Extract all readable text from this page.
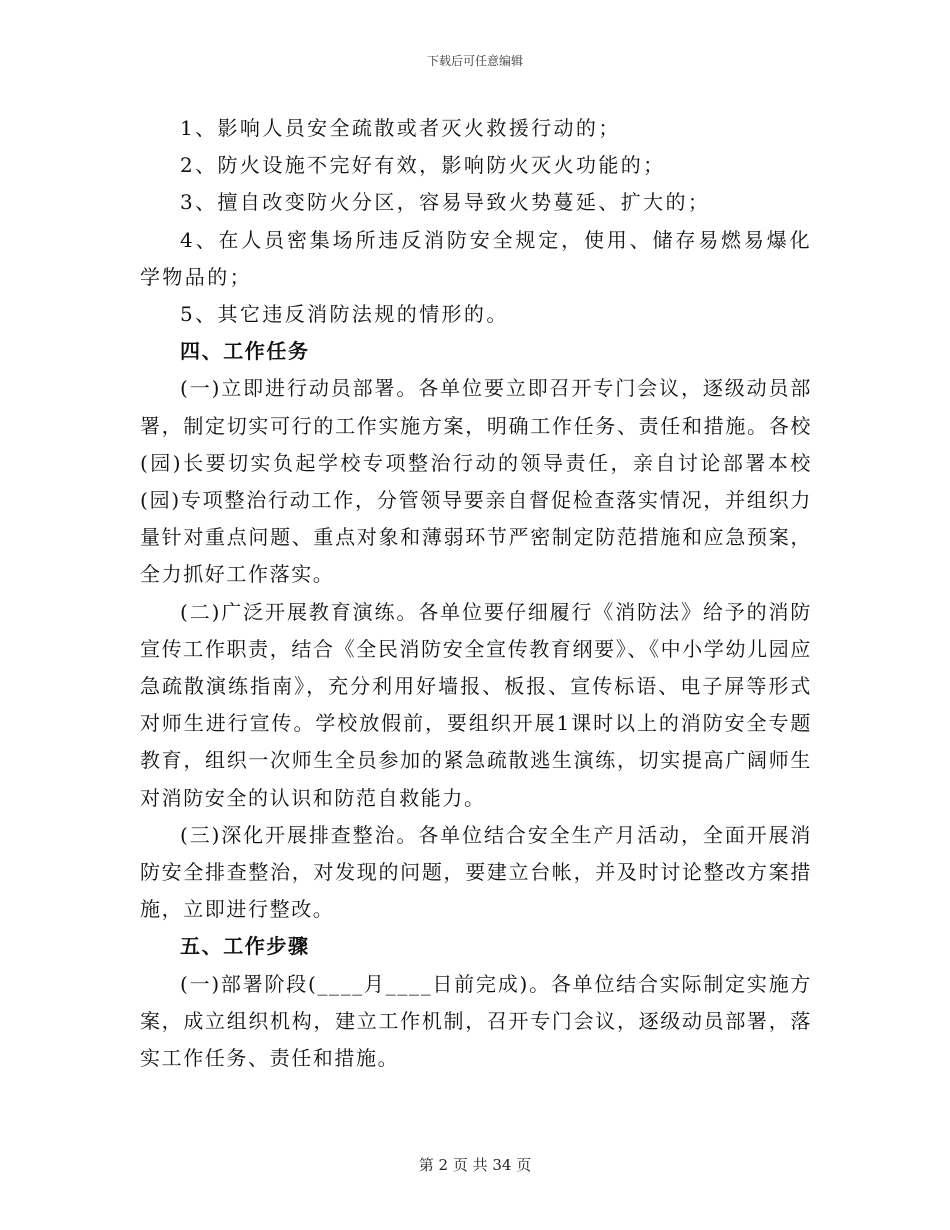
下载后可任意编辑

1、影响人员安全疏散或者灭火救援行动的；

2、防火设施不完好有效，影响防火灭火功能的；

3、擅自改变防火分区，容易导致火势蔓延、扩大的；

4、在人员密集场所违反消防安全规定，使用、储存易燃易爆化学物品的；

5、其它违反消防法规的情形的。

四、工作任务

(一)立即进行动员部署。各单位要立即召开专门会议，逐级动员部署，制定切实可行的工作实施方案，明确工作任务、责任和措施。各校(园)长要切实负起学校专项整治行动的领导责任，亲自讨论部署本校(园)专项整治行动工作，分管领导要亲自督促检查落实情况，并组织力量针对重点问题、重点对象和薄弱环节严密制定防范措施和应急预案，全力抓好工作落实。

(二)广泛开展教育演练。各单位要仔细履行《消防法》给予的消防宣传工作职责，结合《全民消防安全宣传教育纲要》、《中小学幼儿园应急疏散演练指南》，充分利用好墙报、板报、宣传标语、电子屏等形式对师生进行宣传。学校放假前，要组织开展1课时以上的消防安全专题教育，组织一次师生全员参加的紧急疏散逃生演练，切实提高广阔师生对消防安全的认识和防范自救能力。

(三)深化开展排查整治。各单位结合安全生产月活动，全面开展消防安全排查整治，对发现的问题，要建立台帐，并及时讨论整改方案措施，立即进行整改。

五、工作步骤

(一)部署阶段(____月____日前完成)。各单位结合实际制定实施方案，成立组织机构，建立工作机制，召开专门会议，逐级动员部署，落实工作任务、责任和措施。

第 2 页 共 34 页
